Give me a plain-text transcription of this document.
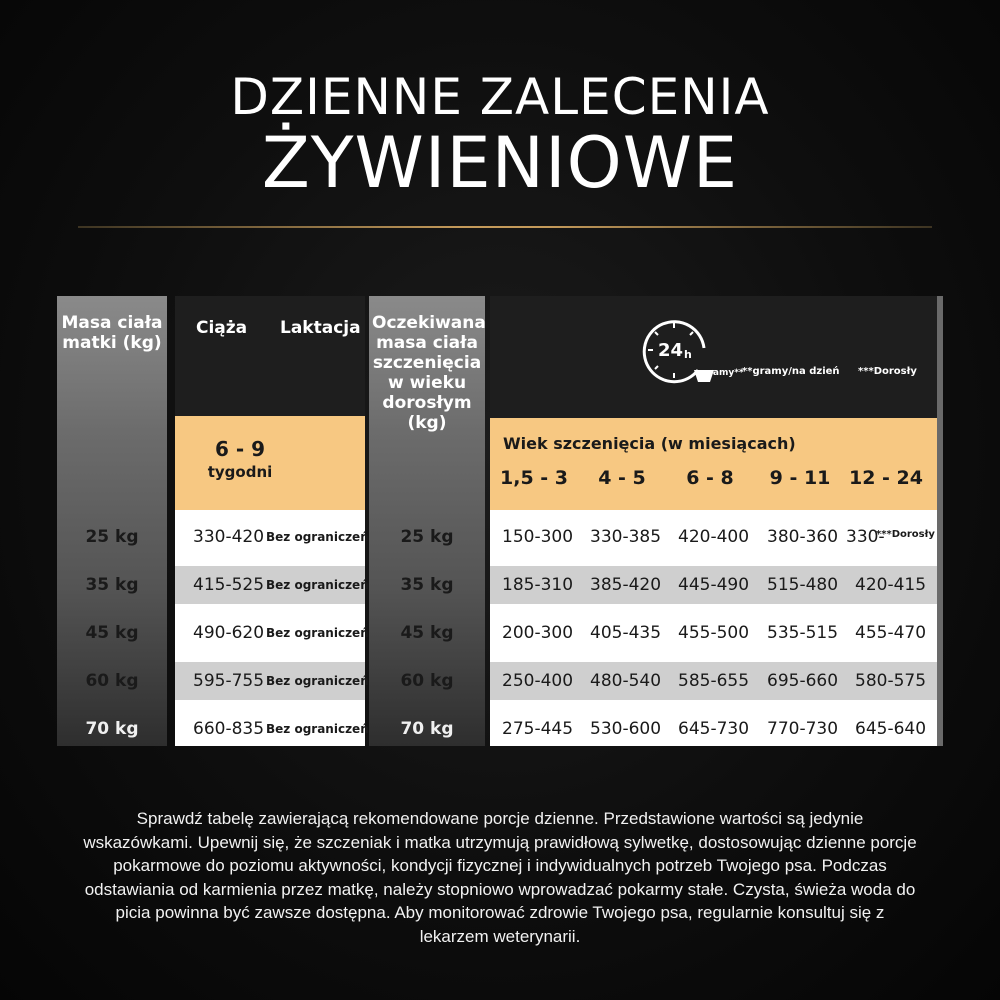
DZIENNE ZALECENIA
ŻYWIENIOWE
Masa ciała matki (kg)
Ciąża	Laktacja
6 - 9
tygodni
Oczekiwana masa ciała szczenięcia w wieku dorosłym (kg)
24 h
gramy**
**gramy/na dzień ***Dorosły
Wiek szczenięcia (w miesiącach)
1,5 - 3	4 - 5	6 - 8	9 - 11 12 - 24
25 kg	330-420 Bez ograniczeń	25 kg	150-300 330-385 420-400 380-360 330-
***Dorosły
35 kg	415-525 Bez ograniczeń	35 kg	185-310 385-420 445-490 515-480 420-415
45 kg	490-620 Bez ograniczeń	45 kg	200-300 405-435 455-500 535-515 455-470
60 kg	595-755 Bez ograniczeń	60 kg	250-400 480-540 585-655 695-660 580-575
70 kg	660-835 Bez ograniczeń	70 kg	275-445 530-600 645-730 770-730 645-640

Sprawdź tabelę zawierającą rekomendowane porcje dzienne. Przedstawione wartości są jedynie wskazówkami. Upewnij się, że szczeniak i matka utrzymują prawidłową sylwetkę, dostosowując dzienne porcje pokarmowe do poziomu aktywności, kondycji fizycznej i indywidualnych potrzeb Twojego psa. Podczas odstawiania od karmienia przez matkę, należy stopniowo wprowadzać pokarmy stałe. Czysta, świeża woda do picia powinna być zawsze dostępna. Aby monitorować zdrowie Twojego psa, regularnie konsultuj się z lekarzem weterynarii.
